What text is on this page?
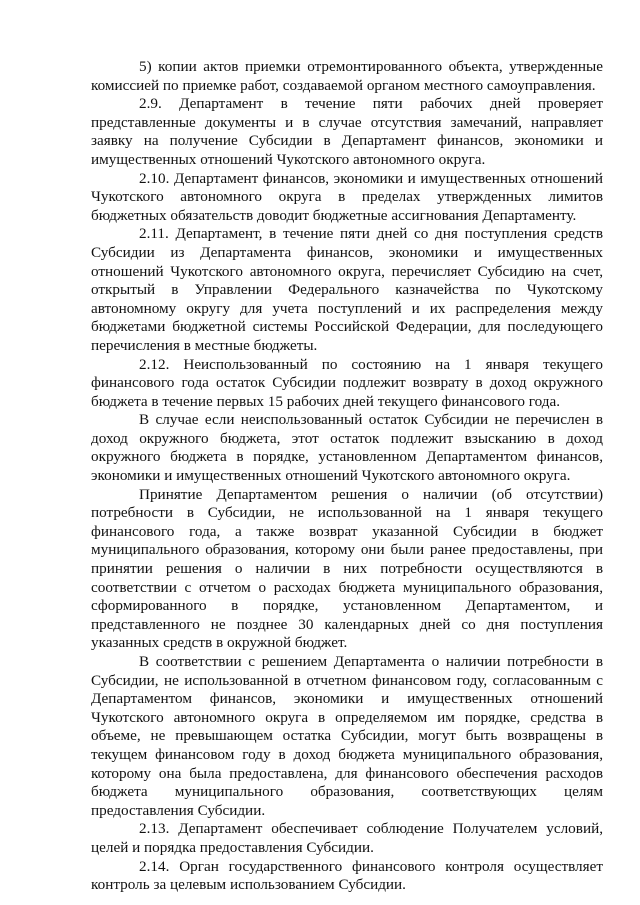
5) копии актов приемки отремонтированного объекта, утвержденные комиссией по приемке работ, создаваемой органом местного самоуправления.

2.9. Департамент в течение пяти рабочих дней проверяет представленные документы и в случае отсутствия замечаний, направляет заявку на получение Субсидии в Департамент финансов, экономики и имущественных отношений Чукотского автономного округа.

2.10. Департамент финансов, экономики и имущественных отношений Чукотского автономного округа в пределах утвержденных лимитов бюджетных обязательств доводит бюджетные ассигнования Департаменту.

2.11. Департамент, в течение пяти дней со дня поступления средств Субсидии из Департамента финансов, экономики и имущественных отношений Чукотского автономного округа, перечисляет Субсидию на счет, открытый в Управлении Федерального казначейства по Чукотскому автономному округу для учета поступлений и их распределения между бюджетами бюджетной системы Российской Федерации, для последующего перечисления в местные бюджеты.

2.12. Неиспользованный по состоянию на 1 января текущего финансового года остаток Субсидии подлежит возврату в доход окружного бюджета в течение первых 15 рабочих дней текущего финансового года.

В случае если неиспользованный остаток Субсидии не перечислен в доход окружного бюджета, этот остаток подлежит взысканию в доход окружного бюджета в порядке, установленном Департаментом финансов, экономики и имущественных отношений Чукотского автономного округа.

Принятие Департаментом решения о наличии (об отсутствии) потребности в Субсидии, не использованной на 1 января текущего финансового года, а также возврат указанной Субсидии в бюджет муниципального образования, которому они были ранее предоставлены, при принятии решения о наличии в них потребности осуществляются в соответствии с отчетом о расходах бюджета муниципального образования, сформированного в порядке, установленном Департаментом, и представленного не позднее 30 календарных дней со дня поступления указанных средств в окружной бюджет.

В соответствии с решением Департамента о наличии потребности в Субсидии, не использованной в отчетном финансовом году, согласованным с Департаментом финансов, экономики и имущественных отношений Чукотского автономного округа в определяемом им порядке, средства в объеме, не превышающем остатка Субсидии, могут быть возвращены в текущем финансовом году в доход бюджета муниципального образования, которому она была предоставлена, для финансового обеспечения расходов бюджета муниципального образования, соответствующих целям предоставления Субсидии.

2.13. Департамент обеспечивает соблюдение Получателем условий, целей и порядка предоставления Субсидии.

2.14. Орган государственного финансового контроля осуществляет контроль за целевым использованием Субсидии.
